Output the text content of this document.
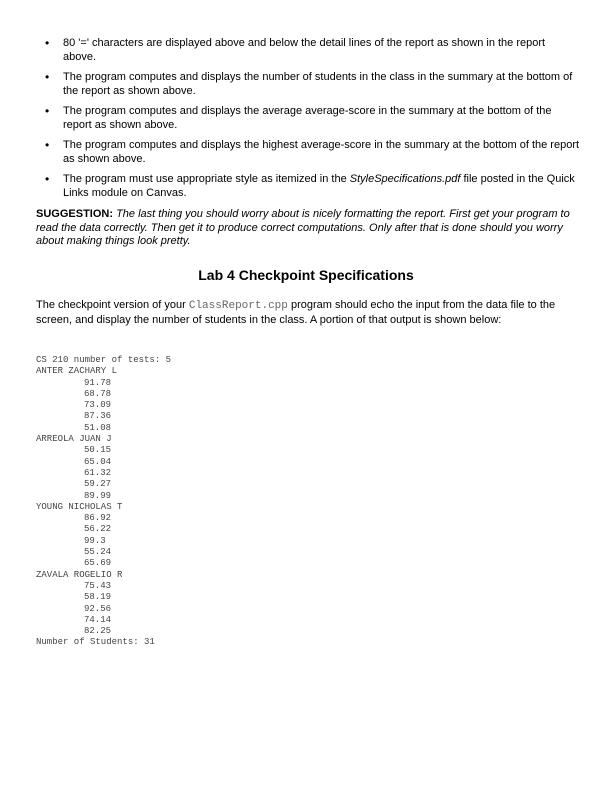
• 80 '=' characters are displayed above and below the detail lines of the report as shown in the report above.
• The program computes and displays the number of students in the class in the summary at the bottom of the report as shown above.
• The program computes and displays the average average-score in the summary at the bottom of the report as shown above.
• The program computes and displays the highest average-score in the summary at the bottom of the report as shown above.
• The program must use appropriate style as itemized in the StyleSpecifications.pdf file posted in the Quick Links module on Canvas.
SUGGESTION: The last thing you should worry about is nicely formatting the report. First get your program to read the data correctly. Then get it to produce correct computations. Only after that is done should you worry about making things look pretty.
Lab 4 Checkpoint Specifications
The checkpoint version of your ClassReport.cpp program should echo the input from the data file to the screen, and display the number of students in the class. A portion of that output is shown below:
CS 210 number of tests: 5
ANTER ZACHARY L
91.78
68.78
73.09
87.36
51.08
ARREOLA JUAN J
50.15
65.04
61.32
59.27
89.99
YOUNG NICHOLAS T
86.92
56.22
99.3
55.24
65.69
ZAVALA ROGELIO R
75.43
58.19
92.56
74.14
82.25
Number of Students: 31
